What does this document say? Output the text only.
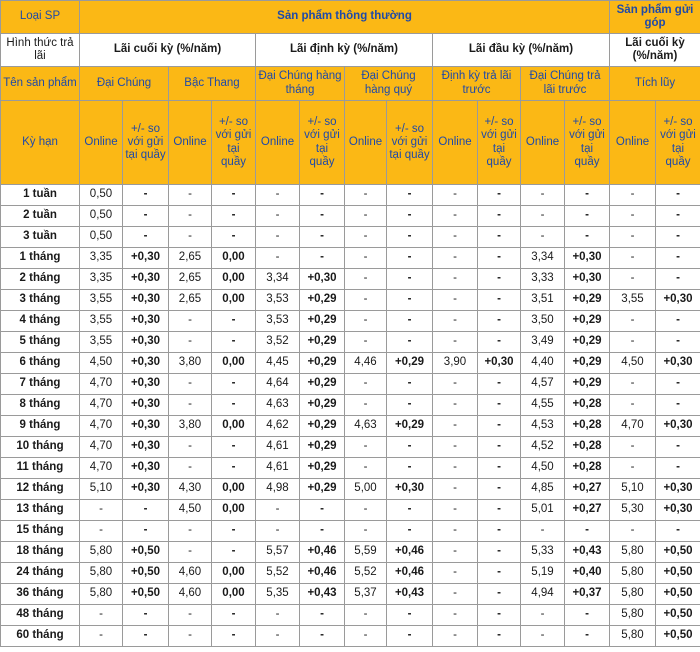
Loại SP	Sản phẩm thông thường												Sản phẩm gửi góp	
Hình thức trả lãi	Lãi cuối kỳ (%/năm)				Lãi định kỳ (%/năm)				Lãi đầu kỳ (%/năm)				Lãi cuối kỳ (%/năm)	
Tên sản phẩm	Đại Chúng		Bậc Thang		Đại Chúng hàng tháng		Đại Chúng hàng quý		Định kỳ trả lãi trước		Đại Chúng trả lãi trước		Tích lũy	
Kỳ hạn	Online	+/- so với gửi tại quầy	Online	+/- so với gửi tại quầy	Online	+/- so với gửi tại quầy	Online	+/- so với gửi tại quầy	Online	+/- so với gửi tại quầy	Online	+/- so với gửi tại quầy	Online	+/- so với gửi tại quầy
1 tuần	0,50	-	-	-	-	-	-	-	-	-	-	-	-	-
2 tuần	0,50	-	-	-	-	-	-	-	-	-	-	-	-	-
3 tuần	0,50	-	-	-	-	-	-	-	-	-	-	-	-	-
1 tháng	3,35	+0,30	2,65	0,00	-	-	-	-	-	-	3,34	+0,30	-	-
2 tháng	3,35	+0,30	2,65	0,00	3,34	+0,30	-	-	-	-	3,33	+0,30	-	-
3 tháng	3,55	+0,30	2,65	0,00	3,53	+0,29	-	-	-	-	3,51	+0,29	3,55	+0,30
4 tháng	3,55	+0,30	-	-	3,53	+0,29	-	-	-	-	3,50	+0,29	-	-
5 tháng	3,55	+0,30	-	-	3,52	+0,29	-	-	-	-	3,49	+0,29	-	-
6 tháng	4,50	+0,30	3,80	0,00	4,45	+0,29	4,46	+0,29	3,90	+0,30	4,40	+0,29	4,50	+0,30
7 tháng	4,70	+0,30	-	-	4,64	+0,29	-	-	-	-	4,57	+0,29	-	-
8 tháng	4,70	+0,30	-	-	4,63	+0,29	-	-	-	-	4,55	+0,28	-	-
9 tháng	4,70	+0,30	3,80	0,00	4,62	+0,29	4,63	+0,29	-	-	4,53	+0,28	4,70	+0,30
10 tháng	4,70	+0,30	-	-	4,61	+0,29	-	-	-	-	4,52	+0,28	-	-
11 tháng	4,70	+0,30	-	-	4,61	+0,29	-	-	-	-	4,50	+0,28	-	-
12 tháng	5,10	+0,30	4,30	0,00	4,98	+0,29	5,00	+0,30	-	-	4,85	+0,27	5,10	+0,30
13 tháng	-	-	4,50	0,00	-	-	-	-	-	-	5,01	+0,27	5,30	+0,30
15 tháng	-	-	-	-	-	-	-	-	-	-	-	-	-	-
18 tháng	5,80	+0,50	-	-	5,57	+0,46	5,59	+0,46	-	-	5,33	+0,43	5,80	+0,50
24 tháng	5,80	+0,50	4,60	0,00	5,52	+0,46	5,52	+0,46	-	-	5,19	+0,40	5,80	+0,50
36 tháng	5,80	+0,50	4,60	0,00	5,35	+0,43	5,37	+0,43	-	-	4,94	+0,37	5,80	+0,50
48 tháng	-	-	-	-	-	-	-	-	-	-	-	-	5,80	+0,50
60 tháng	-	-	-	-	-	-	-	-	-	-	-	-	5,80	+0,50
